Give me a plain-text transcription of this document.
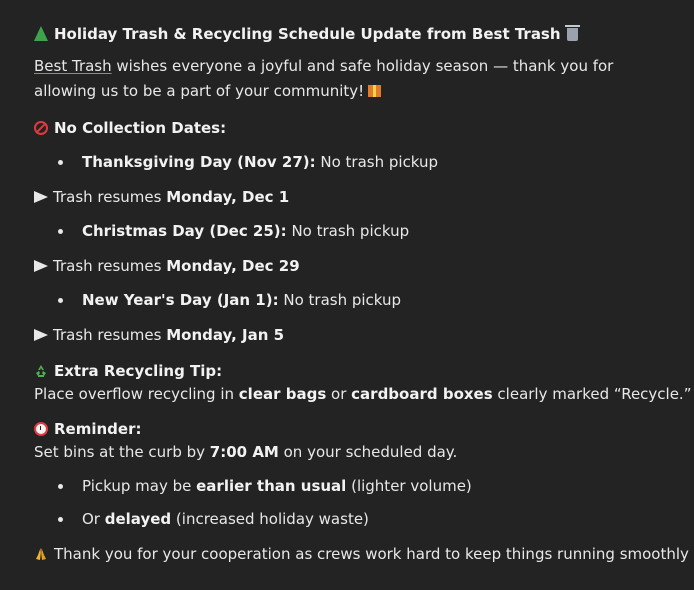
Holiday Trash & Recycling Schedule Update from Best Trash
Best Trash wishes everyone a joyful and safe holiday season — thank you for allowing us to be a part of your community!
No Collection Dates:
Thanksgiving Day (Nov 27): No trash pickup
Trash resumes Monday, Dec 1
Christmas Day (Dec 25): No trash pickup
Trash resumes Monday, Dec 29
New Year's Day (Jan 1): No trash pickup
Trash resumes Monday, Jan 5
Extra Recycling Tip:
Place overflow recycling in clear bags or cardboard boxes clearly marked “Recycle.”
Reminder:
Set bins at the curb by 7:00 AM on your scheduled day.
Pickup may be earlier than usual (lighter volume)
Or delayed (increased holiday waste)
Thank you for your cooperation as crews work hard to keep things running smoothly
